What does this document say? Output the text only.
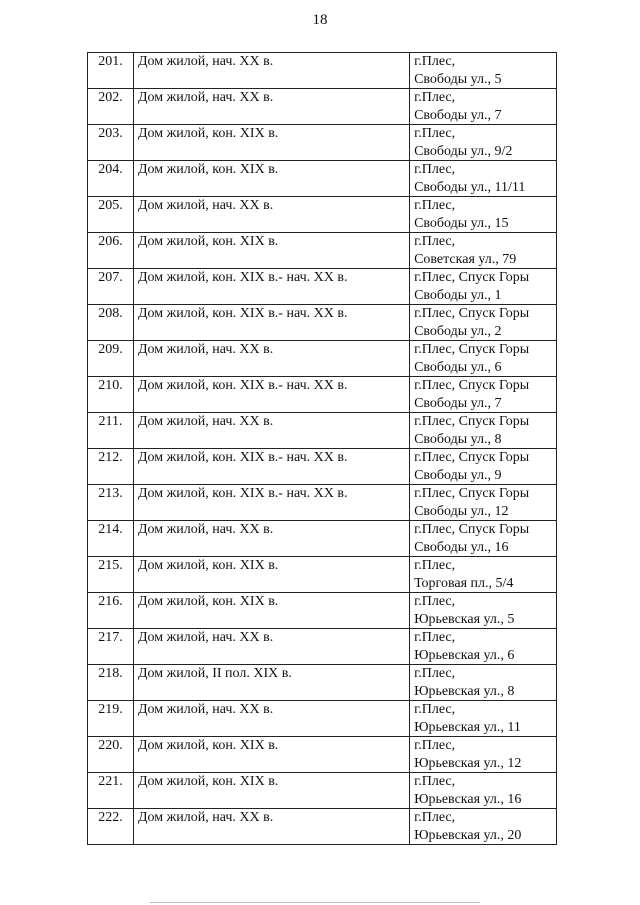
18
201.	Дом жилой, нач. XX в.	г.Плес,
Свободы ул., 5

202.	Дом жилой, нач. XX в.	г.Плес,
Свободы ул., 7

203.	Дом жилой, кон. XIX в.	г.Плес,
Свободы ул., 9/2

204.	Дом жилой, кон. XIX в.	г.Плес,
Свободы ул., 11/11

205.	Дом жилой, нач. XX в.	г.Плес,
Свободы ул., 15

206.	Дом жилой, кон. XIX в.	г.Плес,
Советская ул., 79

207.	Дом жилой, кон. XIX в.- нач. XX в.	г.Плес, Спуск Горы
Свободы ул., 1

208.	Дом жилой, кон. XIX в.- нач. XX в.	г.Плес, Спуск Горы
Свободы ул., 2

209.	Дом жилой, нач. XX в.	г.Плес, Спуск Горы
Свободы ул., 6

210.	Дом жилой, кон. XIX в.- нач. XX в.	г.Плес, Спуск Горы
Свободы ул., 7

211.	Дом жилой, нач. XX в.	г.Плес, Спуск Горы
Свободы ул., 8

212.	Дом жилой, кон. XIX в.- нач. XX в.	г.Плес, Спуск Горы
Свободы ул., 9

213.	Дом жилой, кон. XIX в.- нач. XX в.	г.Плес, Спуск Горы
Свободы ул., 12

214.	Дом жилой, нач. XX в.	г.Плес, Спуск Горы
Свободы ул., 16

215.	Дом жилой, кон. XIX в.	г.Плес,
Торговая пл., 5/4

216.	Дом жилой, кон. XIX в.	г.Плес,
Юрьевская ул., 5

217.	Дом жилой, нач. XX в.	г.Плес,
Юрьевская ул., 6

218.	Дом жилой, II пол. XIX в.	г.Плес,
Юрьевская ул., 8

219.	Дом жилой, нач. XX в.	г.Плес,
Юрьевская ул., 11

220.	Дом жилой, кон. XIX в.	г.Плес,
Юрьевская ул., 12

221.	Дом жилой, кон. XIX в.	г.Плес,
Юрьевская ул., 16

222.	Дом жилой, нач. XX в.	г.Плес,
Юрьевская ул., 20
